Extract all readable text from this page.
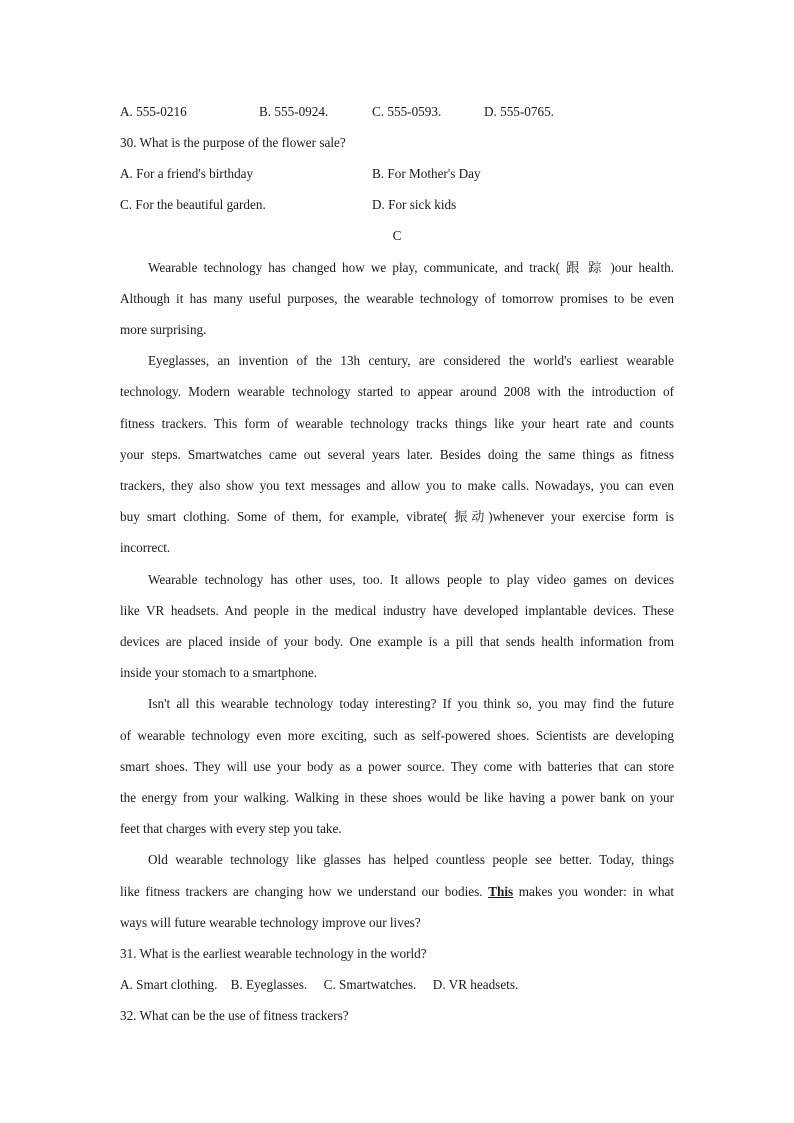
A. 555-0216	B. 555-0924.	C. 555-0593.	D. 555-0765.
30. What is the purpose of the flower sale?
A. For a friend's birthday	B. For Mother's Day
C. For the beautiful garden.	D. For sick kids
C
Wearable technology has changed how we play, communicate, and track( 跟 踪 )our health.
Although it has many useful purposes, the wearable technology of tomorrow promises to be even
more surprising.
Eyeglasses, an invention of the 13h century, are considered the world's earliest wearable
technology. Modern wearable technology started to appear around 2008 with the introduction of
fitness trackers. This form of wearable technology tracks things like your heart rate and counts
your steps. Smartwatches came out several years later. Besides doing the same things as fitness
trackers, they also show you text messages and allow you to make calls. Nowadays, you can even
buy smart clothing. Some of them, for example, vibrate( 振动)whenever your exercise form is
incorrect.
Wearable technology has other uses, too. It allows people to play video games on devices
like VR headsets. And people in the medical industry have developed implantable devices. These
devices are placed inside of your body. One example is a pill that sends health information from
inside your stomach to a smartphone.
Isn't all this wearable technology today interesting? If you think so, you may find the future
of wearable technology even more exciting, such as self-powered shoes. Scientists are developing
smart shoes. They will use your body as a power source. They come with batteries that can store
the energy from your walking. Walking in these shoes would be like having a power bank on your
feet that charges with every step you take.
Old wearable technology like glasses has helped countless people see better. Today, things
like fitness trackers are changing how we understand our bodies. This makes you wonder: in what
ways will future wearable technology improve our lives?
31. What is the earliest wearable technology in the world?
A. Smart clothing.    B. Eyeglasses.     C. Smartwatches.     D. VR headsets.
32. What can be the use of fitness trackers?
